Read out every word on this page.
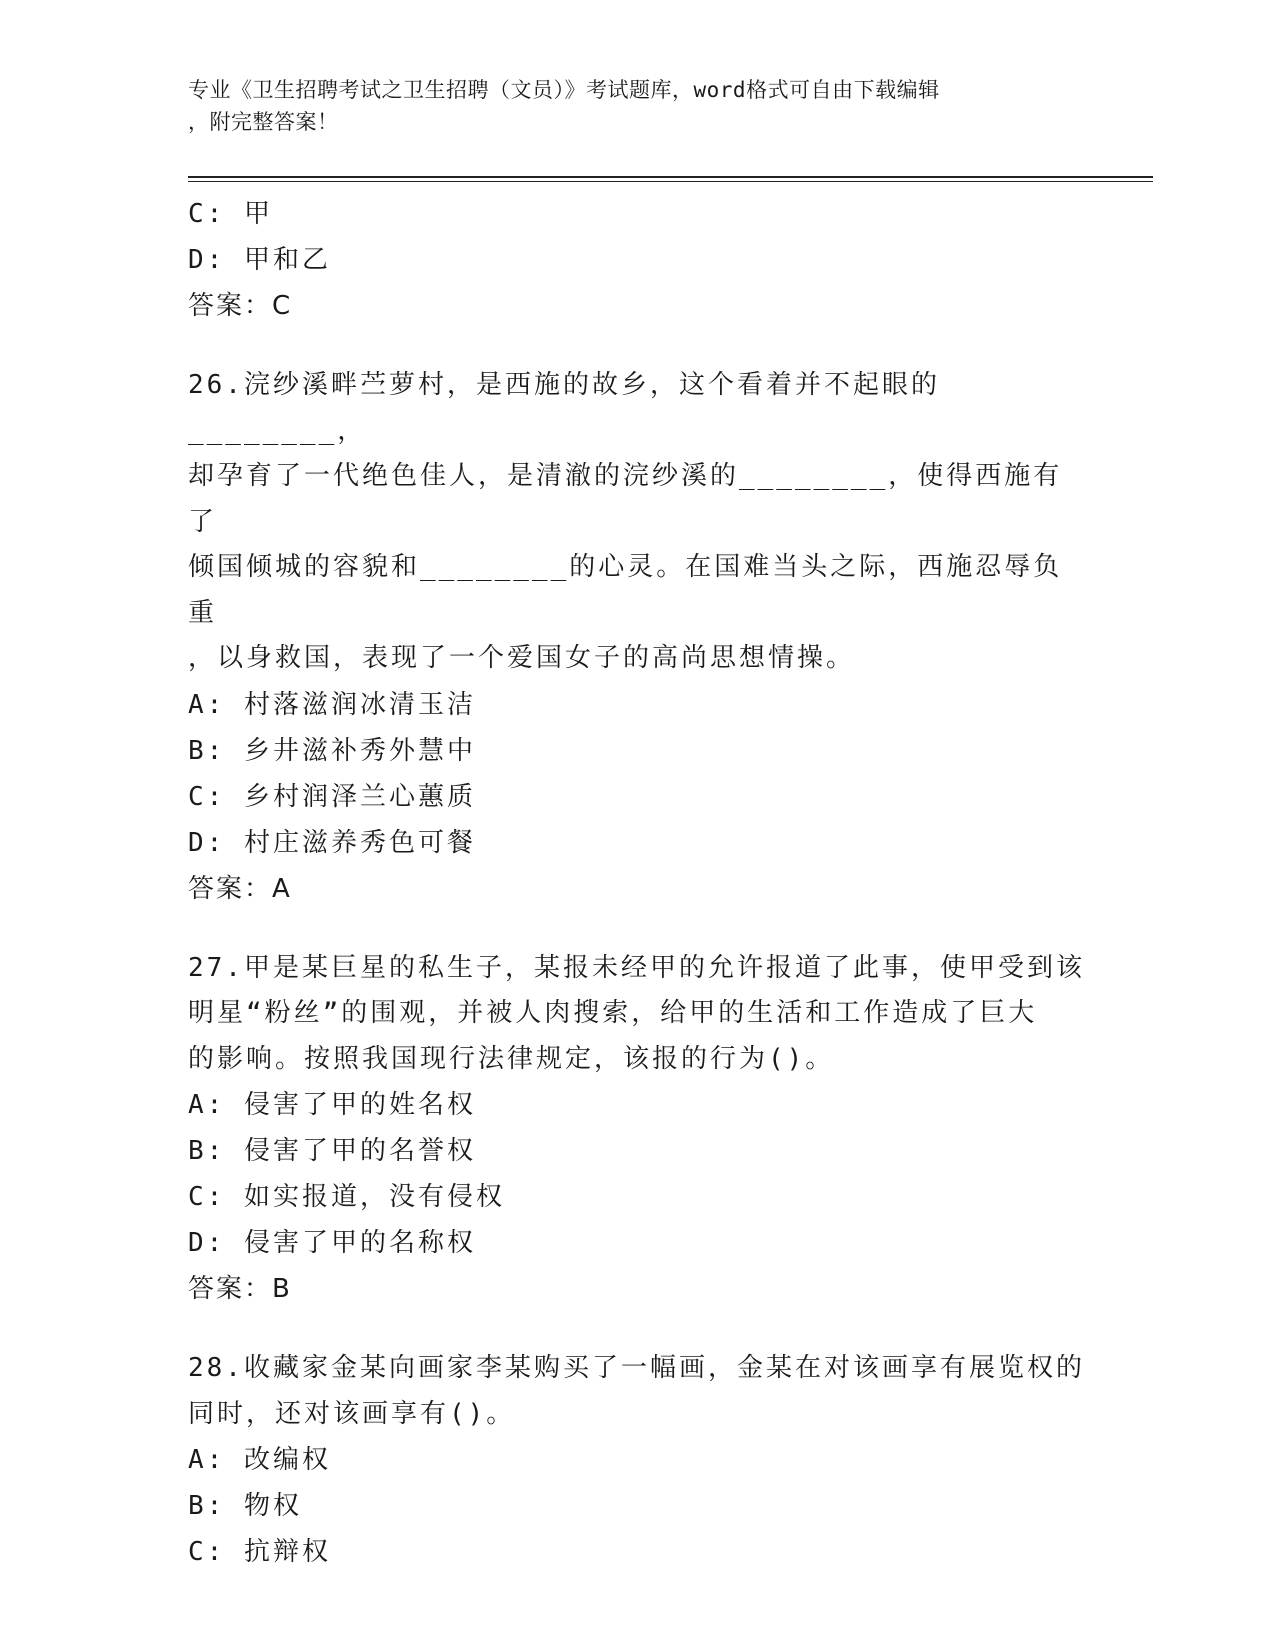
专业《卫生招聘考试之卫生招聘（文员）》考试题库，word格式可自由下载编辑
，附完整答案！
C: 甲
D: 甲和乙
答案：C
26.浣纱溪畔苎萝村，是西施的故乡，这个看着并不起眼的________，
却孕育了一代绝色佳人，是清澈的浣纱溪的________，使得西施有了
倾国倾城的容貌和________的心灵。在国难当头之际，西施忍辱负重
，以身救国，表现了一个爱国女子的高尚思想情操。
A: 村落滋润冰清玉洁
B: 乡井滋补秀外慧中
C: 乡村润泽兰心蕙质
D: 村庄滋养秀色可餐
答案：A
27.甲是某巨星的私生子，某报未经甲的允许报道了此事，使甲受到该
明星“粉丝”的围观，并被人肉搜索，给甲的生活和工作造成了巨大
的影响。按照我国现行法律规定，该报的行为()。
A: 侵害了甲的姓名权
B: 侵害了甲的名誉权
C: 如实报道，没有侵权
D: 侵害了甲的名称权
答案：B
28.收藏家金某向画家李某购买了一幅画，金某在对该画享有展览权的
同时，还对该画享有()。
A: 改编权
B: 物权
C: 抗辩权
